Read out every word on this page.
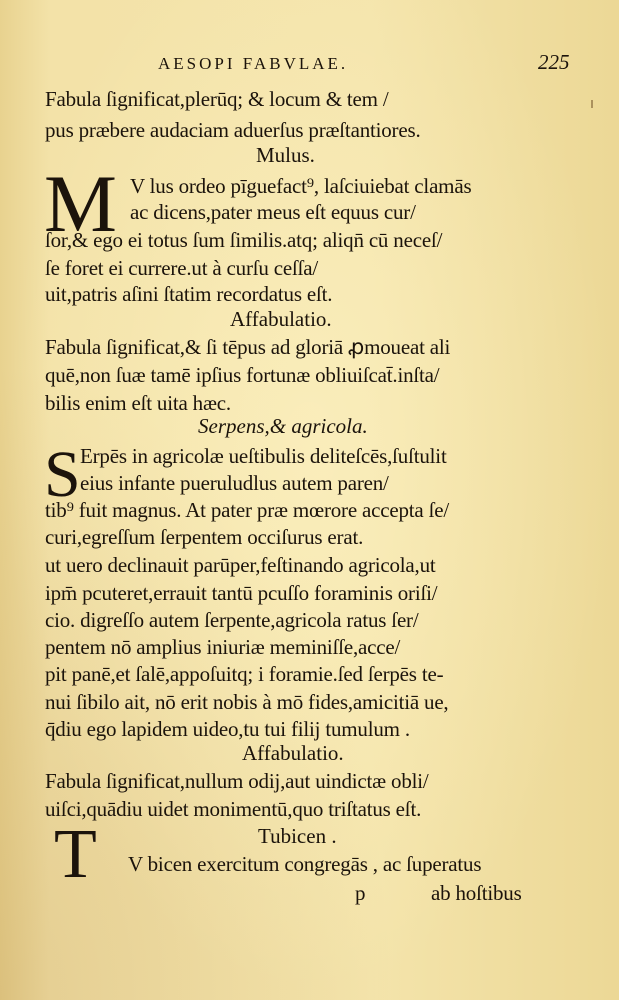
AESOPI FABVLAE.	225
Fabula ſignificat,plerūq; & locum & tem /
pus præbere audaciam aduerſus præſtantiores.
Mulus.
M V lus ordeo pīguefact⁹, laſciuiebat clamās
ac dicens,pater meus eſt equus cur/
ſor,& ego ei totus ſum ſimilis.atq; aliqn̄ cū neceſ/
ſe foret ei currere.ut à curſu ceſſa/
uit,patris aſini ſtatim recordatus eſt.
Affabulatio.
Fabula ſignificat,& ſi tēpus ad gloriā ꝓmoueat ali
quē,non ſuæ tamē ipſius fortunæ obliuiſcat̄.inſta/
bilis enim eſt uita hæc.
Serpens,& agricola.
S Erpēs in agricolæ ueſtibulis deliteſcēs,ſuſtulit
eius infante pueruludlus autem paren/
tib⁹ fuit magnus. At pater præ mœrore accepta ſe/
curi,egreſſum ſerpentem occiſurus erat.
ut uero declinauit parūper,feſtinando agricola,ut
ipm̄ pcuteret,errauit tantū pcuſſo foraminis oriſi/
cio. digreſſo autem ſerpente,agricola ratus ſer/
pentem nō amplius iniuriæ meminiſſe,acce/
pit panē,et ſalē,appoſuitq; i foramie.ſed ſerpēs te-
nui ſibilo ait, nō erit nobis à mō fides,amicitiā ue,
q̄diu ego lapidem uideo,tu tui filij tumulum .
Affabulatio.
Fabula ſignificat,nullum odij,aut uindictæ obli/
uiſci,quādiu uidet monimentū,quo triſtatus eſt.
Tubicen .
T V bicen exercitum congregās , ac ſuperatus
p	ab hoſtibus
